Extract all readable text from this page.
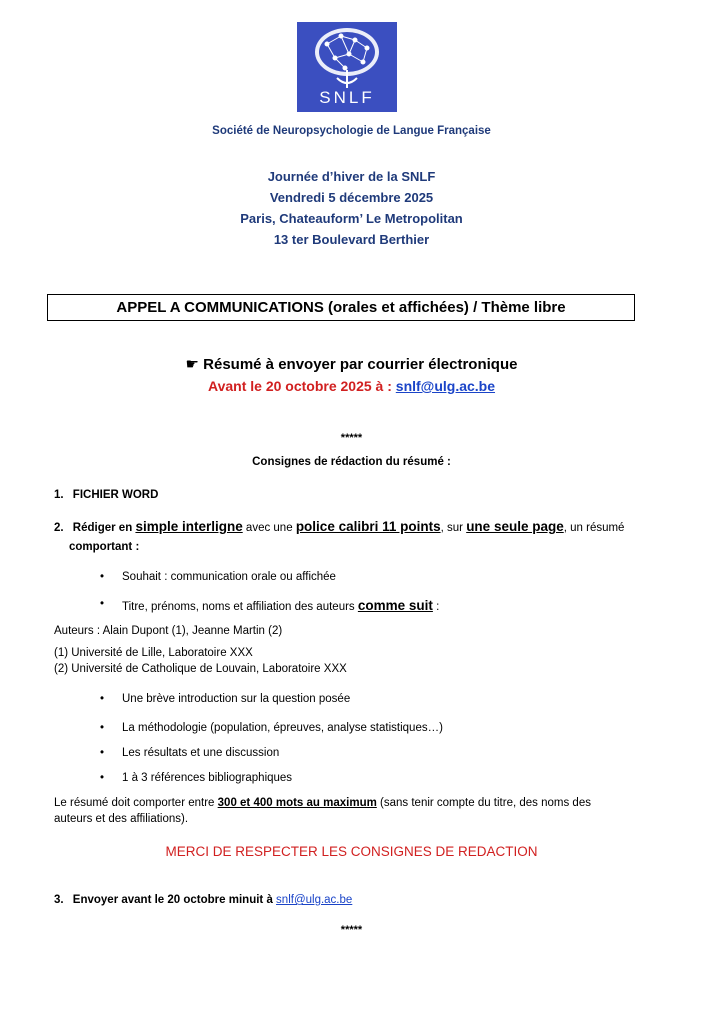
SNLF
Société de Neuropsychologie de Langue Française
Journée d’hiver de la SNLF
Vendredi 5 décembre 2025
Paris, Chateauform’ Le Metropolitan
13 ter Boulevard Berthier
APPEL A COMMUNICATIONS (orales et affichées) / Thème libre
☛ Résumé à envoyer par courrier électronique
Avant le 20 octobre 2025 à : snlf@ulg.ac.be
*****
Consignes de rédaction du résumé :
1. FICHIER WORD
2. Rédiger en simple interligne avec une police calibri 11 points, sur une seule page, un résumé
comportant :
• Souhait : communication orale ou affichée
• Titre, prénoms, noms et affiliation des auteurs comme suit :
Auteurs : Alain Dupont (1), Jeanne Martin (2)
(1) Université de Lille, Laboratoire XXX
(2) Université de Catholique de Louvain, Laboratoire XXX
• Une brève introduction sur la question posée
• La méthodologie (population, épreuves, analyse statistiques…)
• Les résultats et une discussion
• 1 à 3 références bibliographiques
Le résumé doit comporter entre 300 et 400 mots au maximum (sans tenir compte du titre, des noms des
auteurs et des affiliations).
MERCI DE RESPECTER LES CONSIGNES DE REDACTION
3. Envoyer avant le 20 octobre minuit à snlf@ulg.ac.be
*****
